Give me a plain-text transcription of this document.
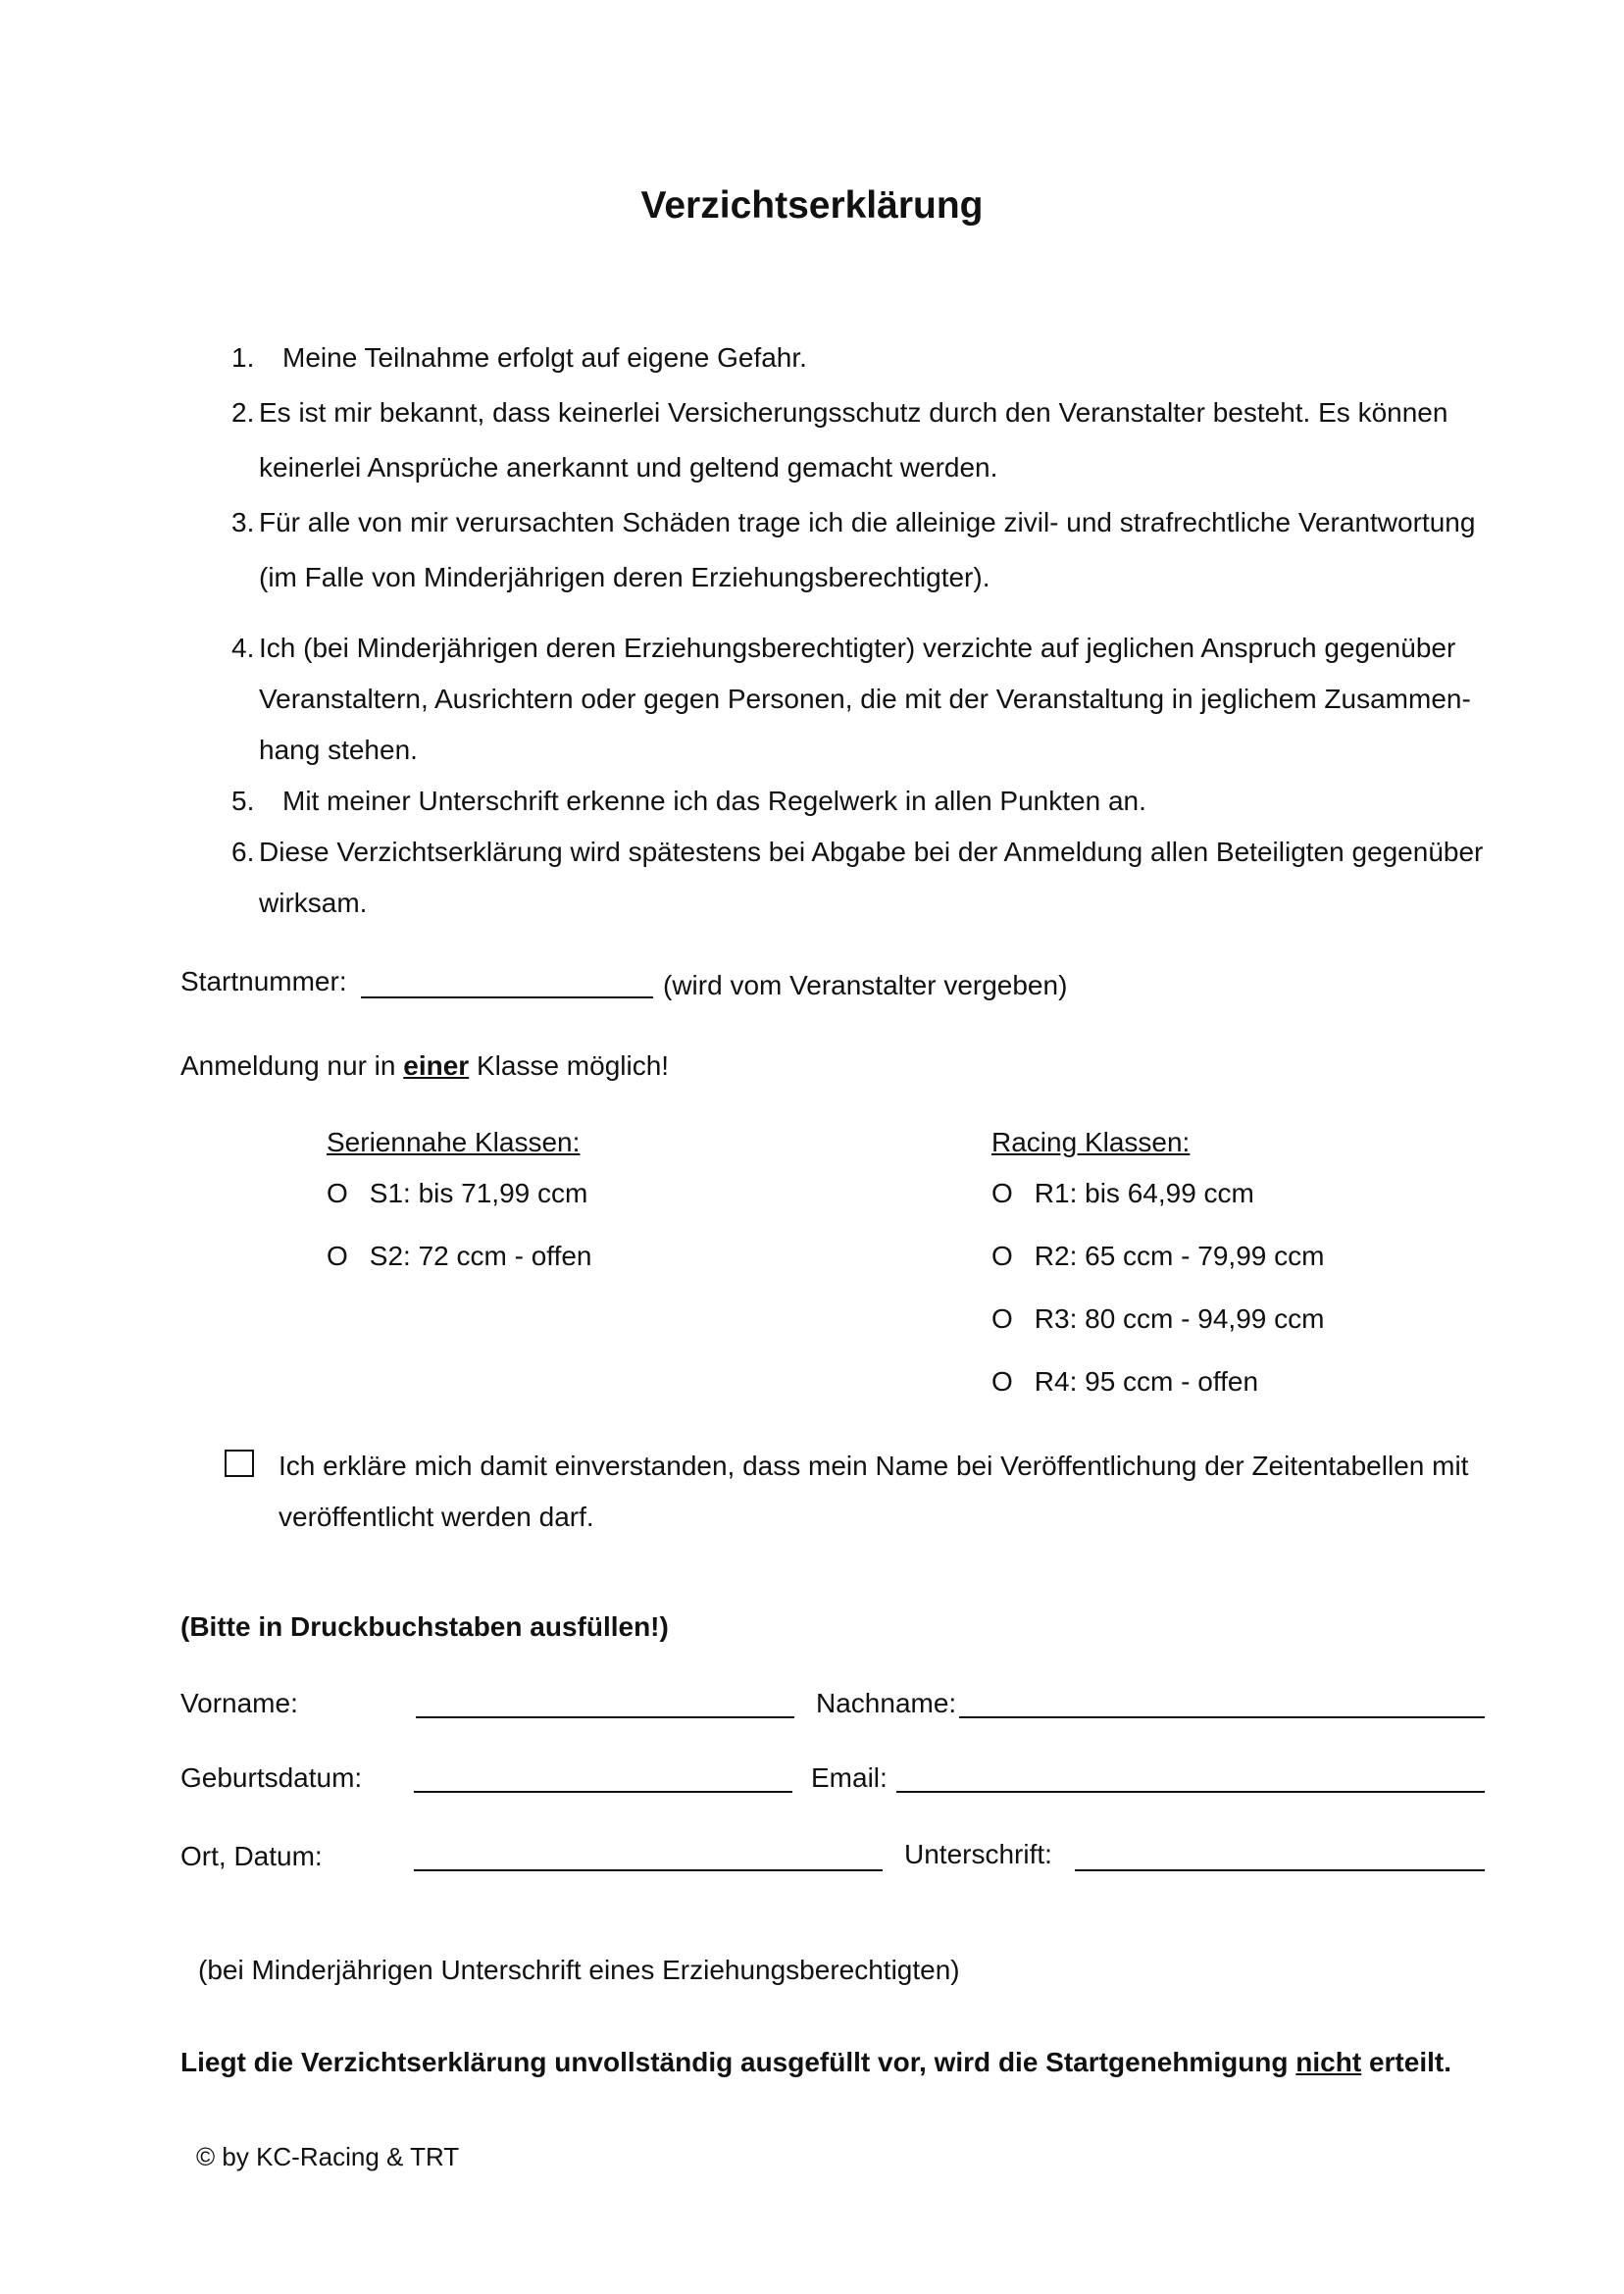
Verzichtserklärung
1. Meine Teilnahme erfolgt auf eigene Gefahr.
2. Es ist mir bekannt, dass keinerlei Versicherungsschutz durch den Veranstalter besteht. Es können
keinerlei Ansprüche anerkannt und geltend gemacht werden.
3. Für alle von mir verursachten Schäden trage ich die alleinige zivil- und strafrechtliche Verantwortung
(im Falle von Minderjährigen deren Erziehungsberechtigter).
4. Ich (bei Minderjährigen deren Erziehungsberechtigter) verzichte auf jeglichen Anspruch gegenüber
Veranstaltern, Ausrichtern oder gegen Personen, die mit der Veranstaltung in jeglichem Zusammen-
hang stehen.
5. Mit meiner Unterschrift erkenne ich das Regelwerk in allen Punkten an.
6. Diese Verzichtserklärung wird spätestens bei Abgabe bei der Anmeldung allen Beteiligten gegenüber
wirksam.
Startnummer:	(wird vom Veranstalter vergeben)
Anmeldung nur in einer Klasse möglich!
Seriennahe Klassen:
O S1: bis 71,99 ccm
O S2: 72 ccm - offen
Racing Klassen:
O R1: bis 64,99 ccm
O R2: 65 ccm - 79,99 ccm
O R3: 80 ccm - 94,99 ccm
O R4: 95 ccm - offen
Ich erkläre mich damit einverstanden, dass mein Name bei Veröffentlichung der Zeitentabellen mit
veröffentlicht werden darf.
(Bitte in Druckbuchstaben ausfüllen!)
Vorname:	Nachname:
Geburtsdatum:	Email:
Ort, Datum:	Unterschrift:
(bei Minderjährigen Unterschrift eines Erziehungsberechtigten)
Liegt die Verzichtserklärung unvollständig ausgefüllt vor, wird die Startgenehmigung nicht erteilt.
© by KC-Racing & TRT
